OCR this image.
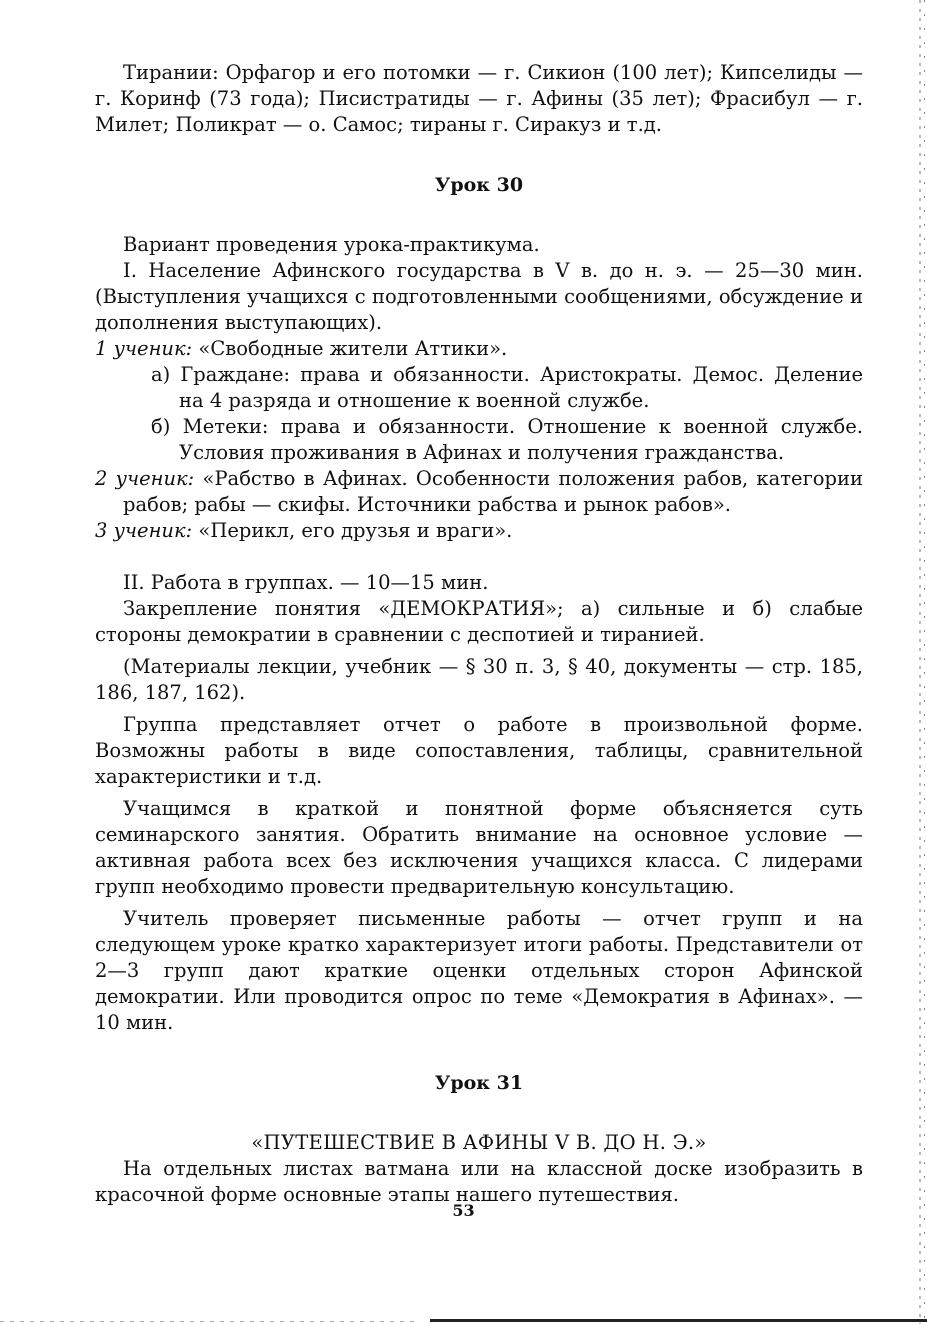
Тирании: Орфагор и его потомки — г. Сикион (100 лет); Кипселиды — г. Коринф (73 года); Писистратиды — г. Афины (35 лет); Фрасибул — г. Милет; Поликрат — о. Самос; тираны г. Сиракуз и т.д.

Урок 30

Вариант проведения урока-практикума.

I. Население Афинского государства в V в. до н. э. — 25—30 мин. (Выступления учащихся с подготовленными сообщениями, обсуждение и дополнения выступающих).

1 ученик: «Свободные жители Аттики».

а) Граждане: права и обязанности. Аристократы. Демос. Деление на 4 разряда и отношение к военной службе.

б) Метеки: права и обязанности. Отношение к военной службе. Условия проживания в Афинах и получения гражданства.

2 ученик: «Рабство в Афинах. Особенности положения рабов, категории рабов; рабы — скифы. Источники рабства и рынок рабов».

3 ученик: «Перикл, его друзья и враги».

II. Работа в группах. — 10—15 мин.

Закрепление понятия «ДЕМОКРАТИЯ»; а) сильные и б) слабые стороны демократии в сравнении с деспотией и тиранией.

(Материалы лекции, учебник — § 30 п. 3, § 40, документы — стр. 185, 186, 187, 162).

Группа представляет отчет о работе в произвольной форме. Возможны работы в виде сопоставления, таблицы, сравнительной характеристики и т.д.

Учащимся в краткой и понятной форме объясняется суть семинарского занятия. Обратить внимание на основное условие — активная работа всех без исключения учащихся класса. С лидерами групп необходимо провести предварительную консультацию.

Учитель проверяет письменные работы — отчет групп и на следующем уроке кратко характеризует итоги работы. Представители от 2—3 групп дают краткие оценки отдельных сторон Афинской демократии. Или проводится опрос по теме «Демократия в Афинах». — 10 мин.

Урок 31

«ПУТЕШЕСТВИЕ В АФИНЫ V В. ДО Н. Э.»

На отдельных листах ватмана или на классной доске изобразить в красочной форме основные этапы нашего путешествия.

53
